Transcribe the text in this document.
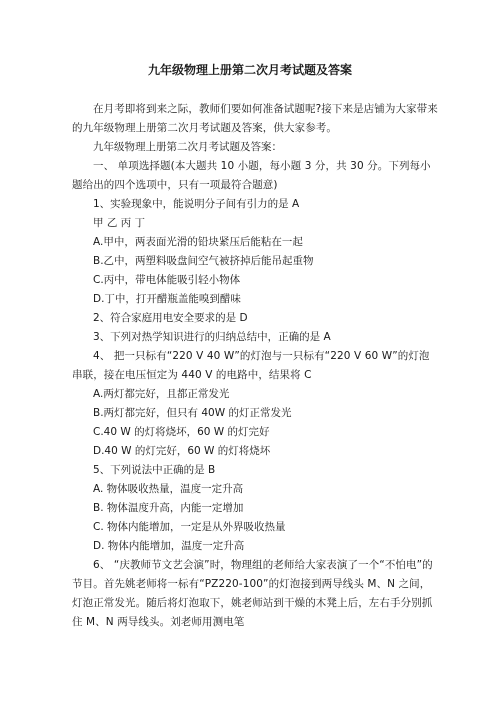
九年级物理上册第二次月考试题及答案

在月考即将到来之际，教师们要如何准备试题呢?接下来是店铺为大家带来的九年级物理上册第二次月考试题及答案，供大家参考。

九年级物理上册第二次月考试题及答案：

一、 单项选择题(本大题共 10 小题，每小题 3 分，共 30 分。下列每小题给出的四个选项中，只有一项最符合题意)

1、实验现象中，能说明分子间有引力的是 A

甲 乙 丙 丁

A.甲中，两表面光滑的铅块紧压后能粘在一起

B.乙中，两塑料吸盘间空气被挤掉后能吊起重物

C.丙中，带电体能吸引轻小物体

D.丁中，打开醋瓶盖能嗅到醋味

2、符合家庭用电安全要求的是 D

3、下列对热学知识进行的归纳总结中，正确的是 A

4、 把一只标有“220 V 40 W”的灯泡与一只标有“220 V 60 W”的灯泡串联，接在电压恒定为 440 V 的电路中，结果将 C

A.两灯都完好，且都正常发光

B.两灯都完好，但只有 40W 的灯正常发光

C.40 W 的灯将烧坏，60 W 的灯完好

D.40 W 的灯完好，60 W 的灯将烧坏

5、下列说法中正确的是 B

A. 物体吸收热量，温度一定升高

B. 物体温度升高，内能一定增加

C. 物体内能增加，一定是从外界吸收热量

D. 物体内能增加，温度一定升高

6、 “庆教师节文艺会演”时，物理组的老师给大家表演了一个“不怕电”的节目。首先姚老师将一标有“PZ220-100”的灯泡接到两导线头 M、N 之间，灯泡正常发光。随后将灯泡取下，姚老师站到干燥的木凳上后，左右手分别抓住 M、N 两导线头。刘老师用测电笔
